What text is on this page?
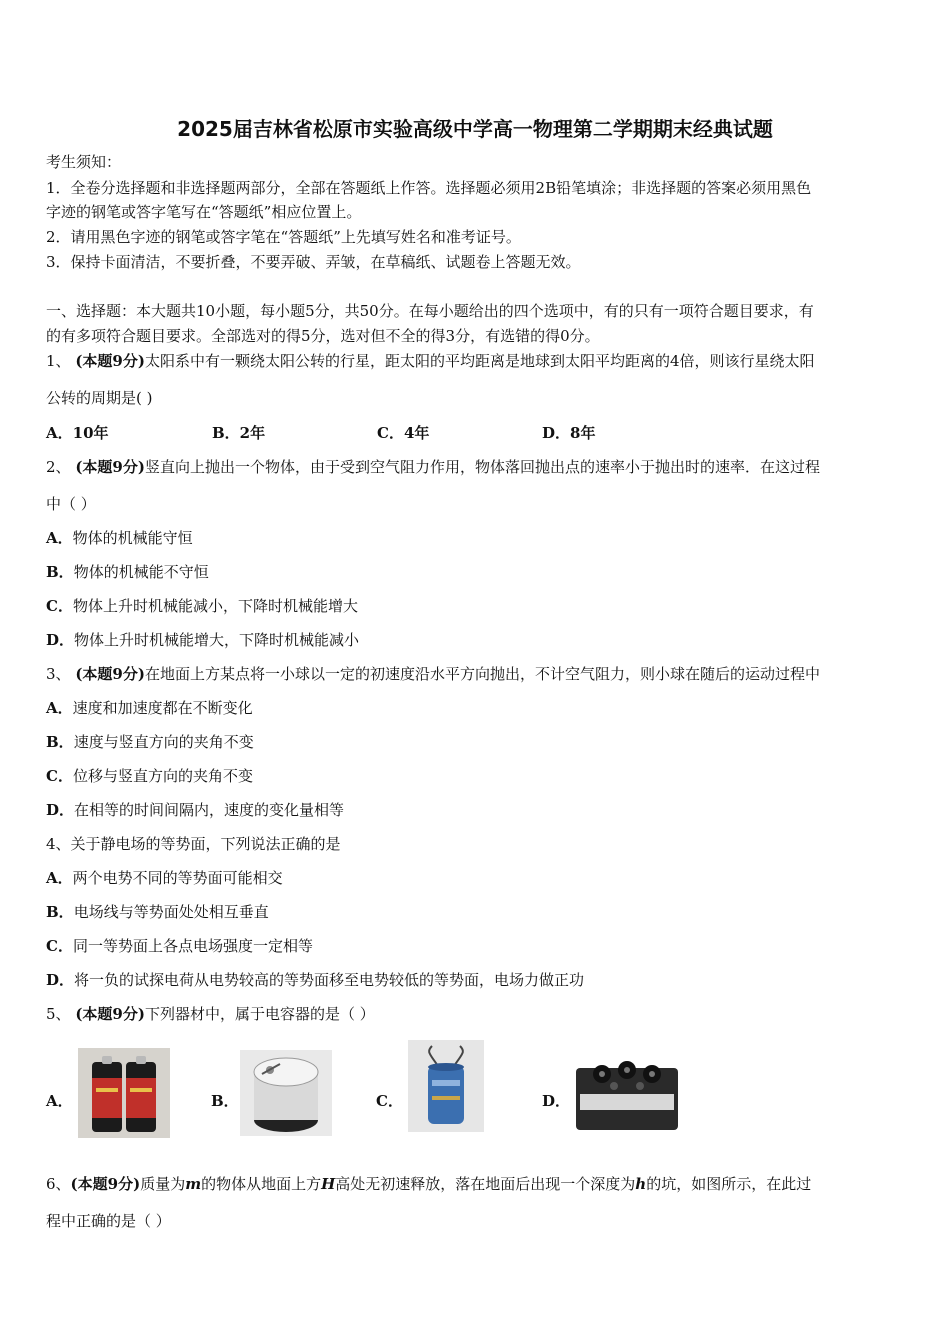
2025届吉林省松原市实验高级中学高一物理第二学期期末经典试题
考生须知：
1．全卷分选择题和非选择题两部分，全部在答题纸上作答。选择题必须用2B铅笔填涂；非选择题的答案必须用黑色
字迹的钢笔或答字笔写在“答题纸”相应位置上。
2．请用黑色字迹的钢笔或答字笔在“答题纸”上先填写姓名和准考证号。
3．保持卡面清洁，不要折叠，不要弄破、弄皱，在草稿纸、试题卷上答题无效。
一、选择题：本大题共10小题，每小题5分，共50分。在每小题给出的四个选项中，有的只有一项符合题目要求，有
的有多项符合题目要求。全部选对的得5分，选对但不全的得3分，有选错的得0分。
1、 (本题9分)太阳系中有一颗绕太阳公转的行星，距太阳的平均距离是地球到太阳平均距离的4倍，则该行星绕太阳
公转的周期是( )
A．10年	B．2年	C．4年	D．8年
2、 (本题9分)竖直向上抛出一个物体，由于受到空气阻力作用，物体落回抛出点的速率小于抛出时的速率．在这过程
中（ ）
A．物体的机械能守恒
B．物体的机械能不守恒
C．物体上升时机械能减小，下降时机械能增大
D．物体上升时机械能增大，下降时机械能减小
3、 (本题9分)在地面上方某点将一小球以一定的初速度沿水平方向抛出，不计空气阻力，则小球在随后的运动过程中
A．速度和加速度都在不断变化
B．速度与竖直方向的夹角不变
C．位移与竖直方向的夹角不变
D．在相等的时间间隔内，速度的变化量相等
4、关于静电场的等势面，下列说法正确的是
A．两个电势不同的等势面可能相交
B．电场线与等势面处处相互垂直
C．同一等势面上各点电场强度一定相等
D．将一负的试探电荷从电势较高的等势面移至电势较低的等势面，电场力做正功
5、 (本题9分)下列器材中，属于电容器的是（ ）
A．	B．	C．	D．
6、(本题9分)质量为m的物体从地面上方H高处无初速释放，落在地面后出现一个深度为h的坑，如图所示，在此过
程中正确的是（ ）
